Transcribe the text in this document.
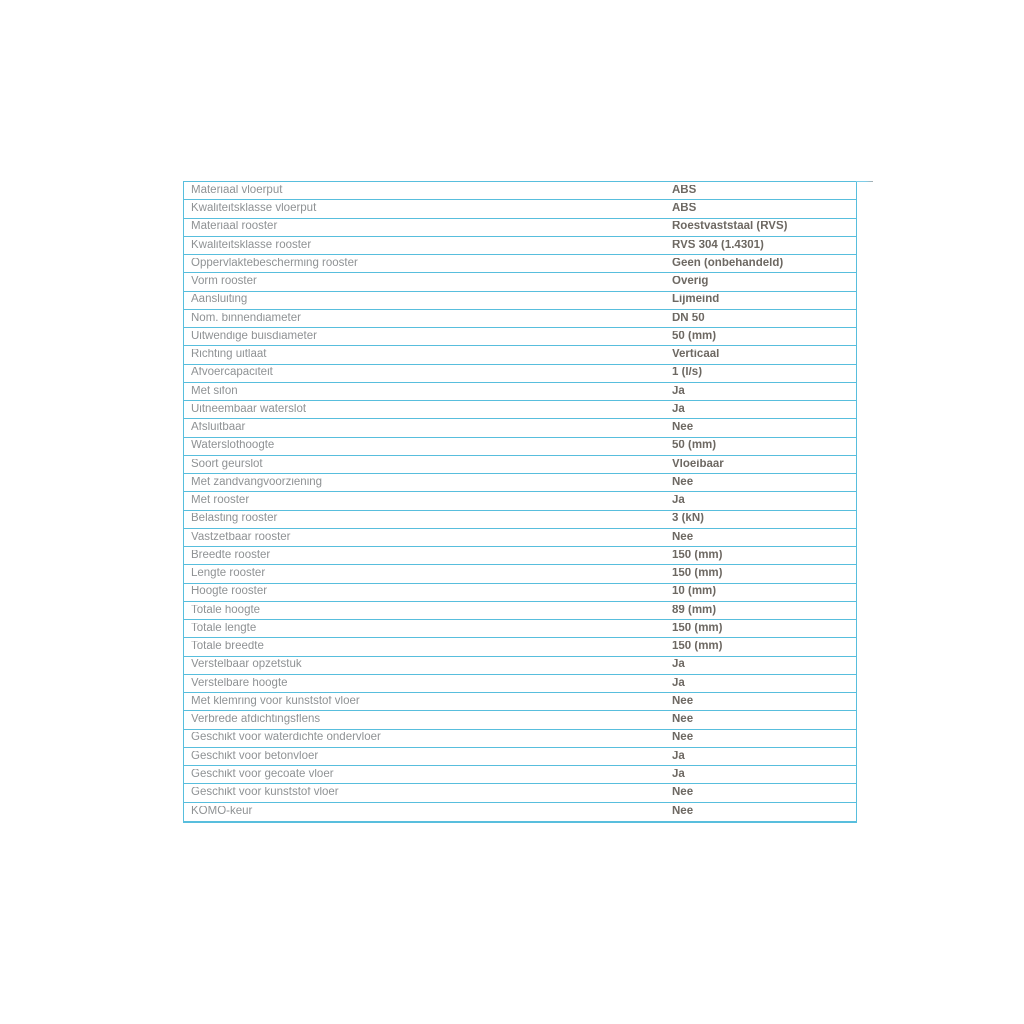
Materiaal vloerput	ABS
Kwaliteitsklasse vloerput	ABS
Materiaal rooster	Roestvaststaal (RVS)
Kwaliteitsklasse rooster	RVS 304 (1.4301)
Oppervlaktebescherming rooster	Geen (onbehandeld)
Vorm rooster	Overig
Aansluiting	Lijmeind
Nom. binnendiameter	DN 50
Uitwendige buisdiameter	50 (mm)
Richting uitlaat	Verticaal
Afvoercapaciteit	1 (l/s)
Met sifon	Ja
Uitneembaar waterslot	Ja
Afsluitbaar	Nee
Waterslothoogte	50 (mm)
Soort geurslot	Vloeibaar
Met zandvangvoorziening	Nee
Met rooster	Ja
Belasting rooster	3 (kN)
Vastzetbaar rooster	Nee
Breedte rooster	150 (mm)
Lengte rooster	150 (mm)
Hoogte rooster	10 (mm)
Totale hoogte	89 (mm)
Totale lengte	150 (mm)
Totale breedte	150 (mm)
Verstelbaar opzetstuk	Ja
Verstelbare hoogte	Ja
Met klemring voor kunststof vloer	Nee
Verbrede afdichtingsflens	Nee
Geschikt voor waterdichte ondervloer	Nee
Geschikt voor betonvloer	Ja
Geschikt voor gecoate vloer	Ja
Geschikt voor kunststof vloer	Nee
KOMO-keur	Nee
